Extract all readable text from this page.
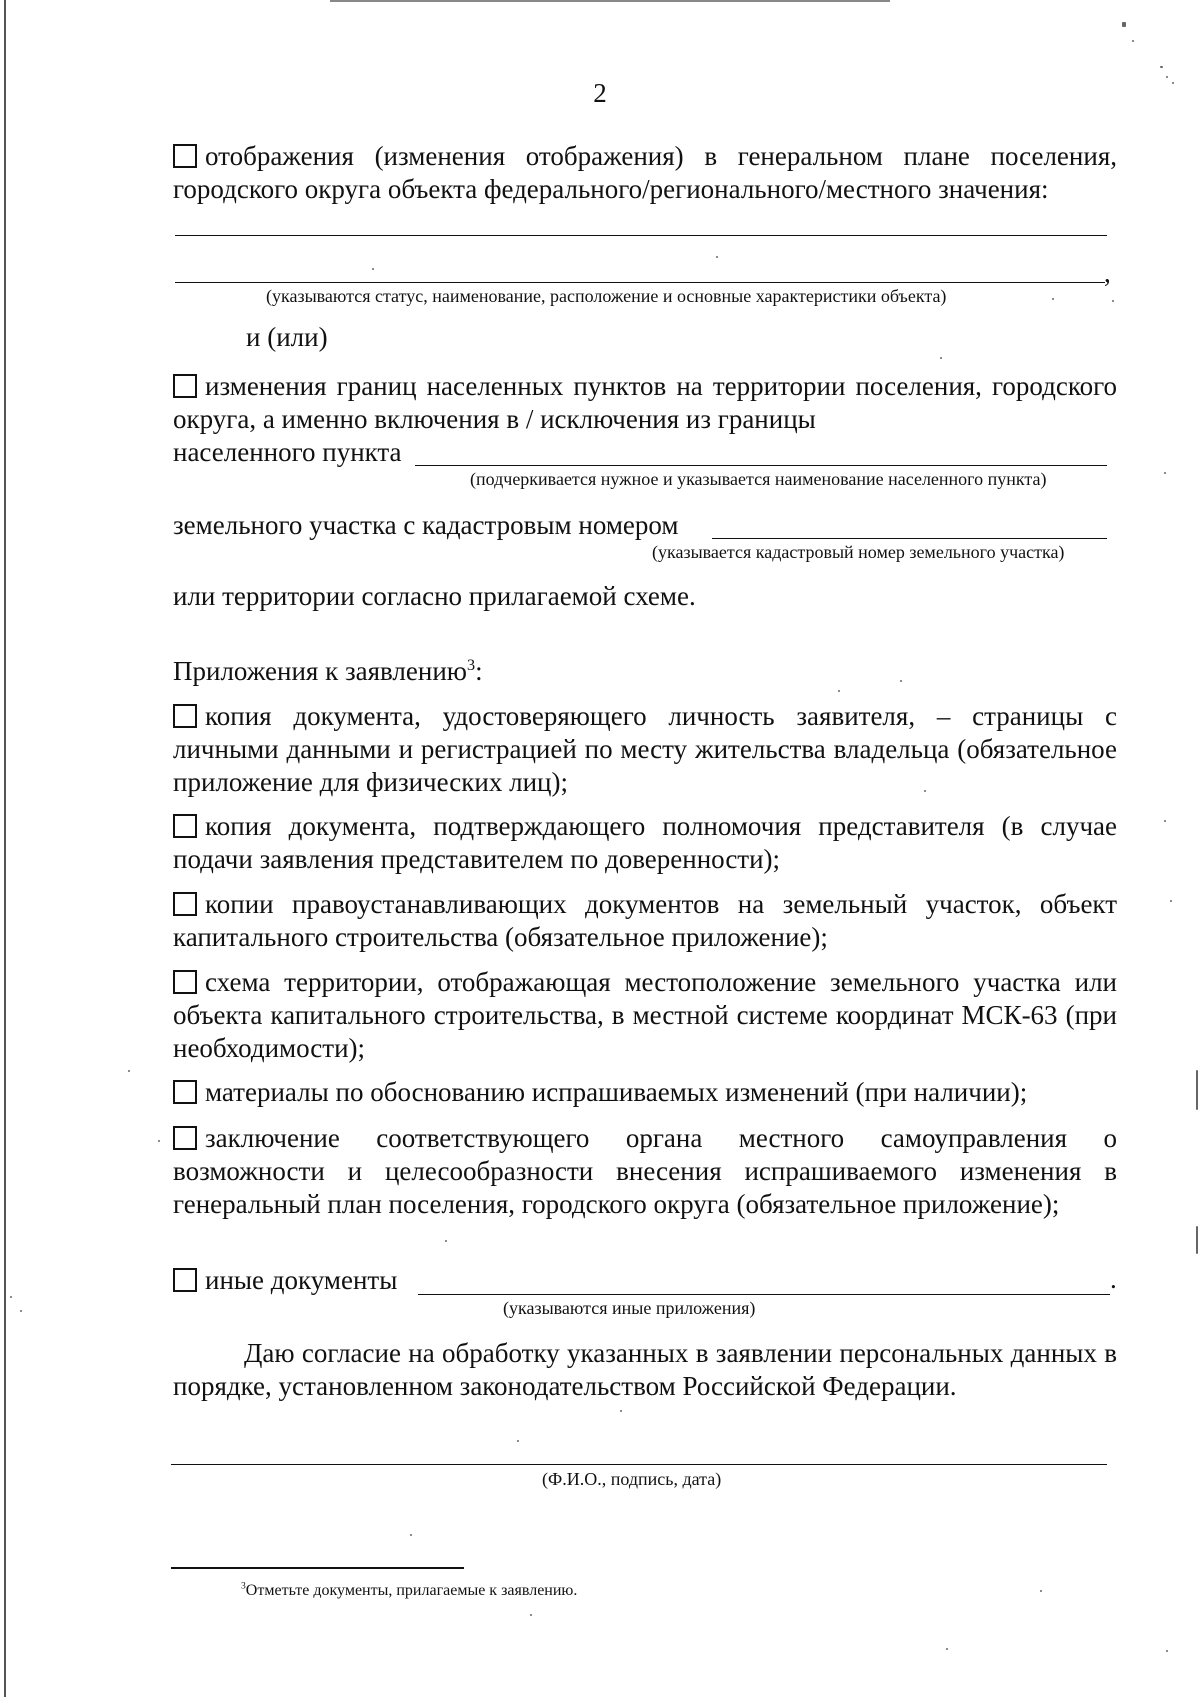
2

отображения (изменения отображения) в генеральном плане поселения, городского округа объекта федерального/регионального/местного значения:

,
(указываются статус, наименование, расположение и основные характеристики объекта)
и (или)

изменения границ населенных пунктов на территории поселения, городского округа, а именно включения в / исключения из границы

населенного пункта
(подчеркивается нужное и указывается наименование населенного пункта)
земельного участка с кадастровым номером
(указывается кадастровый номер земельного участка)
или территории согласно прилагаемой схеме.
Приложения к заявлению$^3$:

копия документа, удостоверяющего личность заявителя, – страницы с личными данными и регистрацией по месту жительства владельца (обязательное приложение для физических лиц);

копия документа, подтверждающего полномочия представителя (в случае подачи заявления представителем по доверенности);

копии правоустанавливающих документов на земельный участок, объект капитального строительства (обязательное приложение);

схема территории, отображающая местоположение земельного участка или объекта капитального строительства, в местной системе координат МСК-63 (при необходимости);

материалы по обоснованию испрашиваемых изменений (при наличии);

заключение соответствующего органа местного самоуправления о возможности и целесообразности внесения испрашиваемого изменения в генеральный план поселения, городского округа (обязательное приложение);

иные документы	.
(указываются иные приложения)

Даю согласие на обработку указанных в заявлении персональных данных в порядке, установленном законодательством Российской Федерации.

(Ф.И.О., подпись, дата)
$^3$Отметьте документы, прилагаемые к заявлению.
